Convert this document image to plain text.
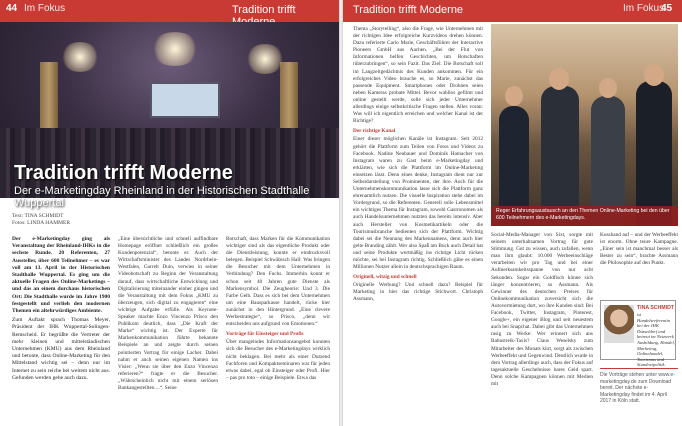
44 Im Fokus	Tradition trifft
Tradition trifft Moderne
Der e-Marketingday Rheinland in der Historischen Stadthalle Wuppertal
Text: TINA SCHMIDT
Fotos: LINDA HAMMER
Der e-Marketingday ging als Veranstaltung der Rheinland-IHKs in die sechste Runde. 20 Referenten, 27 Aussteller, über 600 Teilnehmer – es war voll am 13. April in der Historischen Stadthalle Wuppertal. Es ging um die aktuelle Fragen des Online-Marketings – und das an einem durchaus historischen Ort: Die Stadthalle wurde im Jahre 1900 festgestellt und verlieh den modernen Themen ein altehrwürdiges Ambiente.
Zum Auftakt sprach Thomas Meyer, Präsident der IHK Wuppertal-Solingen-Remscheid. Er begrüßte die Vertreter der mehr kleinen und mittelständischen Unternehmen (KMU) aus dem Rheinland und betonte, dass Online-Marketing für den Mittelstand wichtig sei – denn nur im Internet zu sein reiche bei weitem nicht aus. Gefunden werden gehe auch dazu.
„Eine übersichtliche und schnell auffindbare Homepage eröffnet schließlich ein großes Kundenpotenzial“, betonte er. Auch der Wirtschaftsminister des Landes Nordrhein-Westfalen, Garrelt Duin, verwies in seiner Videobotschaft zu Beginn der Veranstaltung darauf, dass wirtschaftliche Entwicklung und Digitalisierung miteinander einher gingen und die Veranstaltung mit dem Fokus „KMU zu überzeugen, sich digital zu engagieren“ eine wichtige Aufgabe erfülle. Als Keynote-Speaker machte Enzo Vincenzo Prisco den Publikum deutlich, dass „Die Kraft der Marke“ wichtig ist. Der Experte für Markenkommunikation führte bekannte Beispiele an und zeigte durch seinen pointierten Vortrag für einige Lacher. Dabei nahm er auch seinen eigenen Namen ins Visier: „Wenn sie über den Enzo Vincenzo referieren?“ fragte er die Besucher. „Währscheinlich nicht mit einem seriösen Bankangestellten ...“. Seine
Botschaft, dass Marken für die Kommunikation wichtiger sind als das eigentliche Produkt oder die Dienstleistung, konnte er eindrucksvoll belegen. Beispiel Schwäbisch Hall: Was bringen die Besucher mit dem Unternehmen in Verbindung? Den Fuchs. Immerhin konnt er schon seit 40 Jahren gute Dienste als Markensymbol. Die Zeugheorie: Und 3. Die Farbe Gelb. Dass es sich bei dem Unternehmen um eine Bausparkasse handelt, rücke hier zunächst in den Hintergrund. „Eine clevere Werbestrategie“, so Prisco, „denn wir entscheiden uns aufgrund von Emotionen.“
Vorträge für Einsteiger und Profis
Über mangelndes Informationsangebot konnten sich die Besucher des e-Marketingdays wirklich nicht beklagen. Bei mehr als einer Dutzend Fachforen und Kompaktseminaren war für jeden etwas dabei, egal ob Einsteiger oder Profi. Hier – pas pro toto – einige Beispiele. Etwa das
Tradition trifft Moderne	Im Fokus
45
Thema „Storytelling“, also die Frage, wie Unternehmen mit der richtigen Idee erfolgreiche Kurzvideos drehen können. Dazu referierte Carlo Marie, Geschäftsführer der Interactive Pioneers GmbH aus Aachen. „Bei der Flut von Informationen helfen Geschichten, um Botschaften rüberzubringen“, so sein Fazit. Das Ziel: Die Botschaft soll im Langzeitgedächtnis des Kunden ankommen. Für ein erfolgreiches Video brauche es, so Marie, zunächst das passende Equipment. Smartphones oder Drohnen seien neben Kameras probate Mittel. Bevor wahllos gefilmt und online gestellt werde, solle sich jeder Unternehmer allerdings einige selbstkritische Fragen stellen. Alles voran: Was will ich eigentlich erreichen und welcher Kanal ist der Richtige?
Der richtige Kanal
Einer dieser möglichen Kanäle ist Instagram. Seit 2012 gehört die Plattform zum Teilen von Fotos und Videos zu Facebook. Nadine Neubauer und Dominik Hamacher von Instagram waren zu Gast beim e-Marketingday und erklärten, wie sich die Plattform im Online-Marketing einsetzen lässt. Denn eines denke, Instagram dient nur zur Selbstdarstellung von Prominenten, der ihre. Auch für die Unternehmenskommunikation lasse sich die Plattform ganz ehrenamtlich nutzen. Die visuelle Inspiration stehe dabei im Vordergrund, so die Referenten. Generell solle Lebensmittel ein wichtiges Thema für Instagram, sowohl Gastronomen als auch Handelsunternehmen nutzten das bereits intensiv. Aber auch Hersteller von Kosmetikartikeln oder die Tourismusbranche bedienten sich der Plattform. Wichtig dabei sei die Nennung des Markennamens, denn auch hier gelte Branding zählt. Wer also Spaß am Buck auch Detail hat und seine Produkte wertmäßig ins richtige Licht rücken möchte, sei bei Instagram richtig. Schließlich gäbe es einen Millionen Nutzer allein in deutschsprachigen Raum.
Originell, witzig und schnell
Originelle Werbung? Und schnell dazu? Beispiel für Marketing in hier das richtige Stichwort. Christoph Assmann,
Reger Erfahrungsaustausch an den Themen Online-Marketing bei den über 600 Teilnehmern des e-Marketingdays.
Social-Media-Manager von Sixt, sorgte mit seinem unterhaltsamen Vortrag für gute Stimmung. Gut zu wissen, auch zufallen, wenn man ihm glaubt: 10.000 Werbeeinschläge verarbeiten wir pro Tag und bei einer Aufmerksamkeitsspanne von nur acht Sekunden. Sogar ein Goldfisch könne sich länger konzentrieren, so Assmann. Als Gewinner des deutschen Preises für Onlinekommunikation zuversicht sich die Autovermietung dort, wo ihre Kunden sind: Bei Facebook, Twitter, Instagram, Pinterest, Google+, ein eigener Blog und seit neuestem auch bei Snapchat. Dabei gibt das Unternehmen rasig zu Werke: Wer erinnert sich ans Bahnstreik-Taxis? Claus Weselsky zum Mitarbeiter des Monats kürt, sorgt als zwischen Werbeeffekt und Gegenwind. Deutlich wurde in dem Vortrag allerdings auch, dass der Fokus auf tagesaktuelle Geschehnisse bares Geld spart. Denn solche Kampagnen können mit Medien mit
Kusshand auf – und der Werbeeffekt ist enorm. Ohne teure Kampagne. „Einer sein ist manchmal besser als Bester zu sein“, brachte Assmann die Philosophie auf den Punkt.
TINA SCHMIDT
ist Handelsreferentin bei der IHK Düsseldorf und betreut im Netzwerk Ausbildung, Handel, Marketing, Onlinehandel, Tourismus und Standortpolitik.
Die Vorträge stehen unter www.e-marketingday.de zum Download bereit. Der nächste e-Marketingday findet im 4. April 2017 in Köln statt.
